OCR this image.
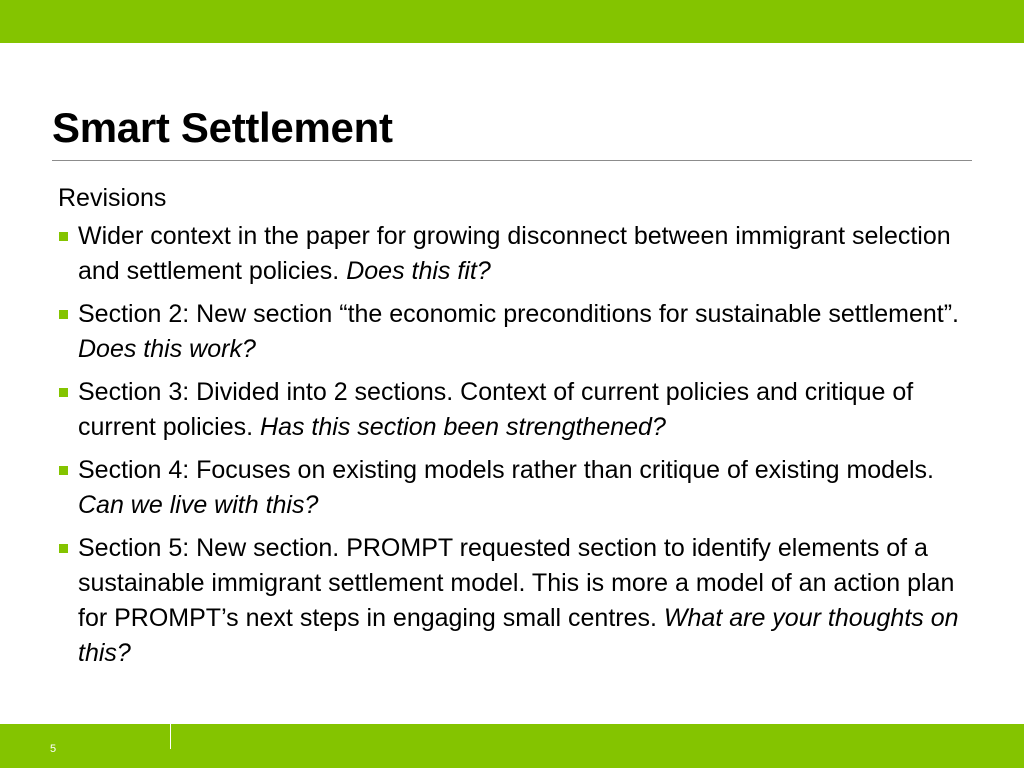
Smart Settlement

Revisions

Wider context in the paper for growing disconnect between immigrant selection and settlement policies. Does this fit?
Section 2: New section “the economic preconditions for sustainable settlement”. Does this work?
Section 3: Divided into 2 sections. Context of current policies and critique of current policies. Has this section been strengthened?
Section 4: Focuses on existing models rather than critique of existing models. Can we live with this?
Section 5: New section. PROMPT requested section to identify elements of a sustainable immigrant settlement model. This is more a model of an action plan for PROMPT’s next steps in engaging small centres. What are your thoughts on this?
5
